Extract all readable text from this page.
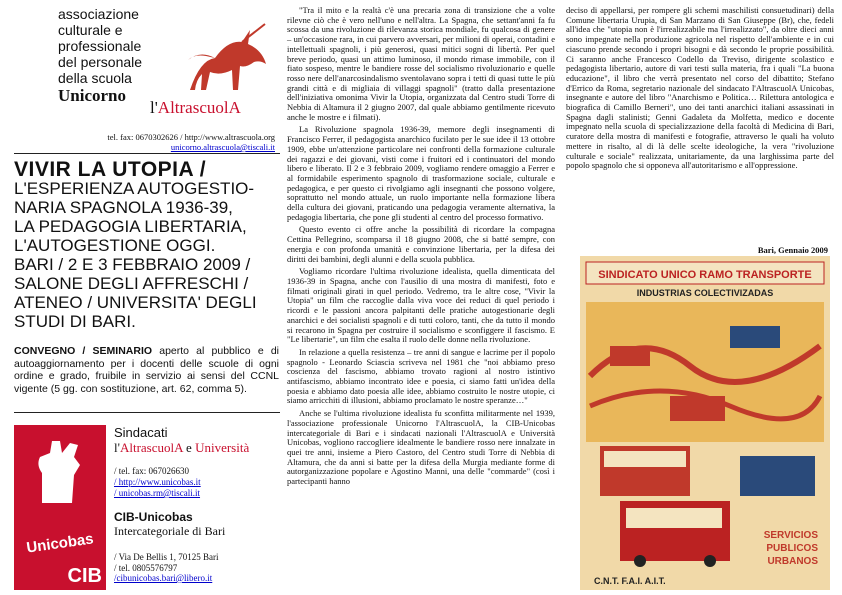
associazione
culturale e
professionale
del personale
della scuola
Unicorno
l'AltrascuolA
tel. fax: 0670302626 / http://www.altrascuola.org
unicorno.altrascuola@tiscali.it
VIVIR LA UTOPIA /
L'ESPERIENZA AUTOGESTIO-
NARIA SPAGNOLA 1936-39,
LA PEDAGOGIA LIBERTARIA,
L'AUTOGESTIONE OGGI.
BARI / 2 E 3 FEBBRAIO 2009 /
SALONE DEGLI AFFRESCHI /
ATENEO / UNIVERSITA' DEGLI
STUDI DI BARI.
CONVEGNO / SEMINARIO aperto al pubblico e di autoaggiornamento per i docenti delle scuole di ogni ordine e grado, fruibile in servizio ai sensi del CCNL vigente (5 gg. con sostituzione, art. 62, comma 5).
Unicobas
CIB
Sindacati
l'AltrascuolA e Università
/ tel. fax: 067026630
/ http://www.unicobas.it
/ unicobas.rm@tiscali.it
CIB-Unicobas
Intercategoriale di Bari
/ Via De Bellis 1, 70125 Bari
/ tel. 0805576797
/cibunicobas.bari@libero.it

"Tra il mito e la realtà c'è una precaria zona di transizione che a volte rilevne ciò che è vero nell'uno e nell'altra. La Spagna, che settant'anni fa fu scossa da una rivoluzione di rilevanza storica mondiale, fu qualcosa di genere – un'occasione rara, in cui parvero avversari, per milioni di operai, contadini e intellettuali spagnoli, i più generosi, quasi mitici sogni di libertà. Per quel breve periodo, quasi un attimo luminoso, il mondo rimase immobile, con il fiato sospeso, mentre le bandiere rosse del socialismo rivoluzionario e quelle rosso nere dell'anarcosindalismo sventolavano sopra i tetti di quasi tutte le più grandi città e di migliaia di villaggi spagnoli" (tratto dalla presentazione dell'iniziativa omonima Vivir la Utopia, organizzata dal Centro studi Torre di Nebbia di Altamura il 2 giugno 2007, dal quale abbiamo gentilmente ricevuto anche le mostre e i filmati).

La Rivoluzione spagnola 1936-39, memore degli insegnamenti di Francisco Ferrer, il pedagogista anarchico fucilato per le sue idee il 13 ottobre 1909, ebbe un'attenzione particolare nei confronti della formazione culturale dei ragazzi e dei giovani, visti come i fruitori ed i continuatori del mondo libero e liberato. Il 2 e 3 febbraio 2009, vogliamo rendere omaggio a Ferrer e al formidabile esperimento spagnolo di trasformazione sociale, culturale e pedagogica, e per questo ci rivolgiamo agli insegnanti che possono volgere, soprattutto nel mondo attuale, un ruolo importante nella formazione libera della cultura dei giovani, praticando una pedagogia veramente alternativa, la pedagogia libertaria, che pone gli studenti al centro del processo formativo.

Questo evento ci offre anche la possibilità di ricordare la compagna Cettina Pellegrino, scomparsa il 18 giugno 2008, che si batté sempre, con energia e con profonda umanità e convinzione libertaria, per la difesa dei diritti dei bambini, degli alunni e della scuola pubblica.

Vogliamo ricordare l'ultima rivoluzione idealista, quella dimenticata del 1936-39 in Spagna, anche con l'ausilio di una mostra di manifesti, foto e filmati originali girati in quel periodo. Vedremo, tra le altre cose, "Vivir la Utopia" un film che raccoglie dalla viva voce dei reduci di quel periodo i ricordi e le passioni ancora palpitanti delle pratiche autogestionarie degli anarchici e dei socialisti spagnoli e di tutti coloro, tanti, che da tutto il mondo si recarono in Spagna per costruire il socialismo e sconfiggere il fascismo. E "Le libertarie", un film che esalta il ruolo delle donne nella rivoluzione.

In relazione a quella resistenza – tre anni di sangue e lacrime per il popolo spagnolo - Leonardo Sciascia scriveva nel 1981 che "noi abbiamo preso coscienza del fascismo, abbiamo trovato ragioni al nostro istintivo antifascismo, abbiamo incontrato idee e poesia, ci siamo fatti un'idea della poesia e abbiamo dato poesia alle idee, abbiamo costruito le nostre utopie, ci siamo arricchiti di illusioni, abbiamo proclamato le nostre speranze…"

Anche se l'ultima rivoluzione idealista fu sconfitta militarmente nel 1939, l'associazione professionale Unicorno l'AltrascuolA, la CIB-Unicobas intercategoriale di Bari e i sindacati nazionali l'AltrascuolA e Università Unicobas, vogliono raccogliere idealmente le bandiere rosso nere innalzate in quei tre anni, insieme a Piero Castoro, del Centro studi Torre di Nebbia di Altamura, che da anni si batte per la difesa della Murgia mediante forme di autorganizzazione popolare e Agostino Manni, una delle "commarde" (così i partecipanti hanno

deciso di appellarsi, per rompere gli schemi maschilisti consuetudinari) della Comune libertaria Urupia, di San Marzano di San Giuseppe (Br), che, fedeli all'idea che "utopia non è l'irrealizzabile ma l'irrealizzato", da oltre dieci anni sono impegnate nella produzione agricola nel rispetto dell'ambiente e in cui ciascuno prende secondo i propri bisogni e dà secondo le proprie possibilità. Ci saranno anche Francesco Codello da Treviso, dirigente scolastico e pedagogista libertario, autore di vari testi sulla materia, fra i quali "La buona educazione", il libro che verrà presentato nel corso del dibattito; Stefano d'Errico da Roma, segretario nazionale del sindacato l'AltrascuolA Unicobas, insegnante e autore del libro "Anarchismo e Politica… Rilettura antologica e biografica di Camillo Berneri", uno dei tanti anarchici italiani assassinati in Spagna dagli stalinisti; Genni Gadaleta da Molfetta, medico e docente impegnato nella scuola di specializzazione della facoltà di Medicina di Bari, curatore della mostra di manifesti e fotografie, attraverso le quali ha voluto mettere in risalto, al di là delle scelte ideologiche, la vera "rivoluzione culturale e sociale" realizzata, unitariamente, da una larghissima parte del popolo spagnolo che si opponeva all'autoritarismo e all'oppressione.
Bari, Gennaio 2009
SINDICATO UNICO RAMO TRANSPORTE
INDUSTRIAS COLECTIVIZADAS
SERVICIOS
PUBLICOS
URBANOS
C.N.T. F.A.I. A.I.T.
